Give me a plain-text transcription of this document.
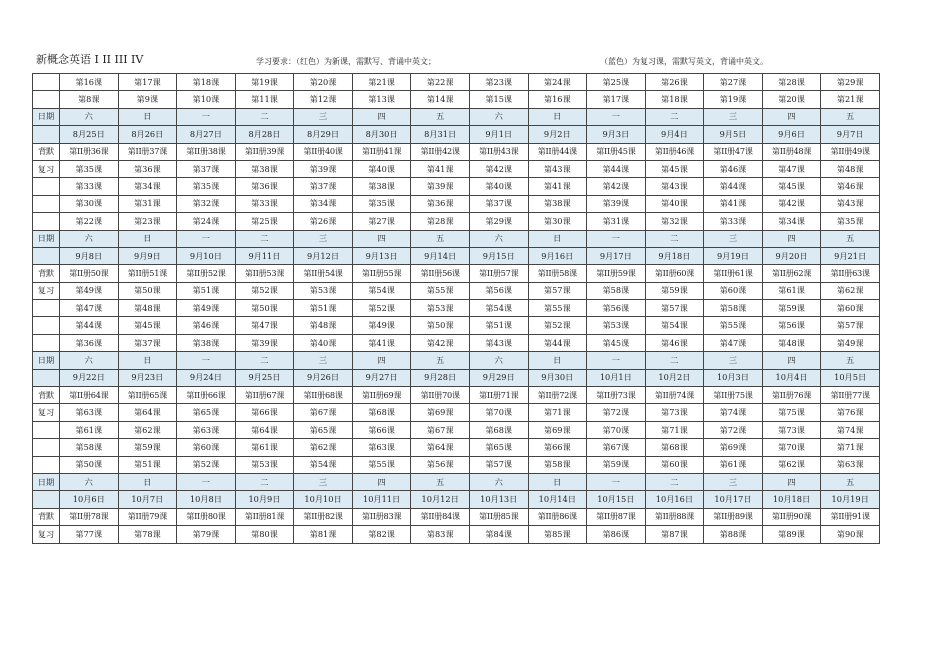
新概念英语 I II III IV	学习要求：（红色）为新课，需默写、背诵中英文；	（蓝色）为复习课，需默写英文，背诵中英文。
	第16课	第17课	第18课	第19课	第20课	第21课	第22课	第23课	第24课	第25课	第26课	第27课	第28课	第29课
	第8课	第9课	第10课	第11课	第12课	第13课	第14课	第15课	第16课	第17课	第18课	第19课	第20课	第21课
日期	六	日	一	二	三	四	五	六	日	一	二	三	四	五
	8月25日	8月26日	8月27日	8月28日	8月29日	8月30日	8月31日	9月1日	9月2日	9月3日	9月4日	9月5日	9月6日	9月7日
背默	第II册36课	第II册37课	第II册38课	第II册39课	第II册40课	第II册41课	第II册42课	第II册43课	第II册44课	第II册45课	第II册46课	第II册47课	第II册48课	第II册49课
复习	第35课	第36课	第37课	第38课	第39课	第40课	第41课	第42课	第43课	第44课	第45课	第46课	第47课	第48课
	第33课	第34课	第35课	第36课	第37课	第38课	第39课	第40课	第41课	第42课	第43课	第44课	第45课	第46课
	第30课	第31课	第32课	第33课	第34课	第35课	第36课	第37课	第38课	第39课	第40课	第41课	第42课	第43课
	第22课	第23课	第24课	第25课	第26课	第27课	第28课	第29课	第30课	第31课	第32课	第33课	第34课	第35课
日期	六	日	一	二	三	四	五	六	日	一	二	三	四	五
	9月8日	9月9日	9月10日	9月11日	9月12日	9月13日	9月14日	9月15日	9月16日	9月17日	9月18日	9月19日	9月20日	9月21日
背默	第II册50课	第II册51课	第II册52课	第II册53课	第II册54课	第II册55课	第II册56课	第II册57课	第II册58课	第II册59课	第II册60课	第II册61课	第II册62课	第II册63课
复习	第49课	第50课	第51课	第52课	第53课	第54课	第55课	第56课	第57课	第58课	第59课	第60课	第61课	第62课
	第47课	第48课	第49课	第50课	第51课	第52课	第53课	第54课	第55课	第56课	第57课	第58课	第59课	第60课
	第44课	第45课	第46课	第47课	第48课	第49课	第50课	第51课	第52课	第53课	第54课	第55课	第56课	第57课
	第36课	第37课	第38课	第39课	第40课	第41课	第42课	第43课	第44课	第45课	第46课	第47课	第48课	第49课
日期	六	日	一	二	三	四	五	六	日	一	二	三	四	五
	9月22日	9月23日	9月24日	9月25日	9月26日	9月27日	9月28日	9月29日	9月30日	10月1日	10月2日	10月3日	10月4日	10月5日
背默	第II册64课	第II册65课	第II册66课	第II册67课	第II册68课	第II册69课	第II册70课	第II册71课	第II册72课	第II册73课	第II册74课	第II册75课	第II册76课	第II册77课
复习	第63课	第64课	第65课	第66课	第67课	第68课	第69课	第70课	第71课	第72课	第73课	第74课	第75课	第76课
	第61课	第62课	第63课	第64课	第65课	第66课	第67课	第68课	第69课	第70课	第71课	第72课	第73课	第74课
	第58课	第59课	第60课	第61课	第62课	第63课	第64课	第65课	第66课	第67课	第68课	第69课	第70课	第71课
	第50课	第51课	第52课	第53课	第54课	第55课	第56课	第57课	第58课	第59课	第60课	第61课	第62课	第63课
日期	六	日	一	二	三	四	五	六	日	一	二	三	四	五
	10月6日	10月7日	10月8日	10月9日	10月10日	10月11日	10月12日	10月13日	10月14日	10月15日	10月16日	10月17日	10月18日	10月19日
背默	第II册78课	第II册79课	第II册80课	第II册81课	第II册82课	第II册83课	第II册84课	第II册85课	第II册86课	第II册87课	第II册88课	第II册89课	第II册90课	第II册91课
复习	第77课	第78课	第79课	第80课	第81课	第82课	第83课	第84课	第85课	第86课	第87课	第88课	第89课	第90课
